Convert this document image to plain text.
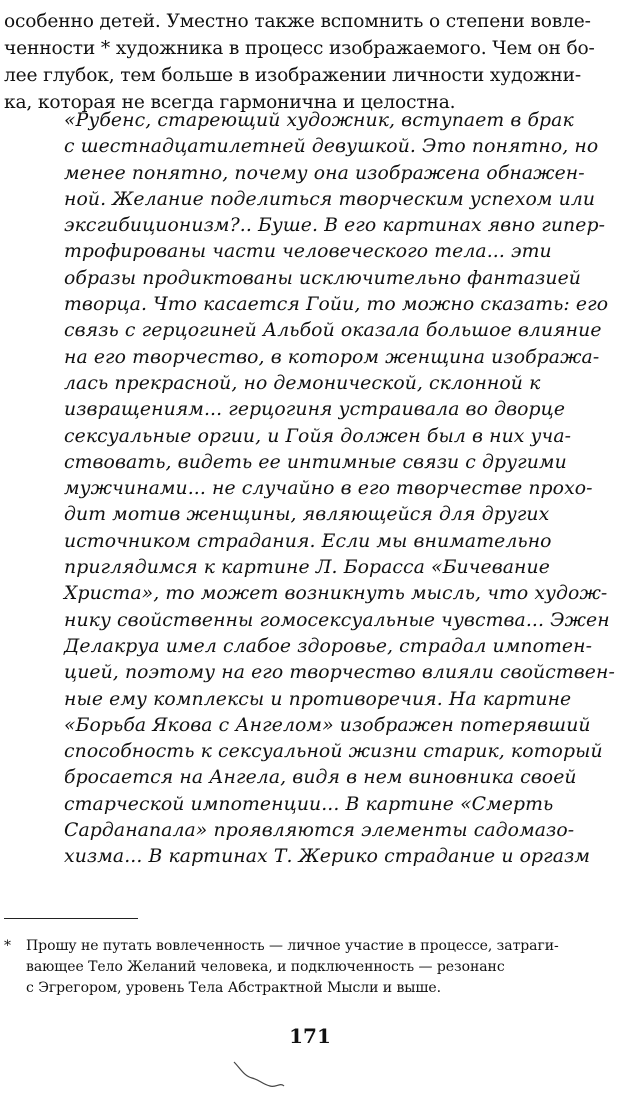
особенно детей. Уместно также вспомнить о степени вовле-
ченности * художника в процесс изображаемого. Чем он бо-
лее глубок, тем больше в изображении личности художни-
ка, которая не всегда гармонична и целостна.
«Рубенс, стареющий художник, вступает в брак
с шестнадцатилетней девушкой. Это понятно, но
менее понятно, почему она изображена обнажен-
ной. Желание поделиться творческим успехом или
эксгибиционизм?.. Буше. В его картинах явно гипер-
трофированы части человеческого тела... эти
образы продиктованы исключительно фантазией
творца. Что касается Гойи, то можно сказать: его
связь с герцогиней Альбой оказала большое влияние
на его творчество, в котором женщина изобража-
лась прекрасной, но демонической, склонной к
извращениям... герцогиня устраивала во дворце
сексуальные оргии, и Гойя должен был в них уча-
ствовать, видеть ее интимные связи с другими
мужчинами... не случайно в его творчестве прохо-
дит мотив женщины, являющейся для других
источником страдания. Если мы внимательно
приглядимся к картине Л. Борасса «Бичевание
Христа», то может возникнуть мысль, что худож-
нику свойственны гомосексуальные чувства... Эжен
Делакруа имел слабое здоровье, страдал импотен-
цией, поэтому на его творчество влияли свойствен-
ные ему комплексы и противоречия. На картине
«Борьба Якова с Ангелом» изображен потерявший
способность к сексуальной жизни старик, который
бросается на Ангела, видя в нем виновника своей
старческой импотенции... В картине «Смерть
Сарданапала» проявляются элементы садомазо-
хизма... В картинах Т. Жерико страдание и оргазм
* Прошу не путать вовлеченность — личное участие в процессе, затраги-
вающее Тело Желаний человека, и подключенность — резонанс
с Эгрегором, уровень Тела Абстрактной Мысли и выше.
171
